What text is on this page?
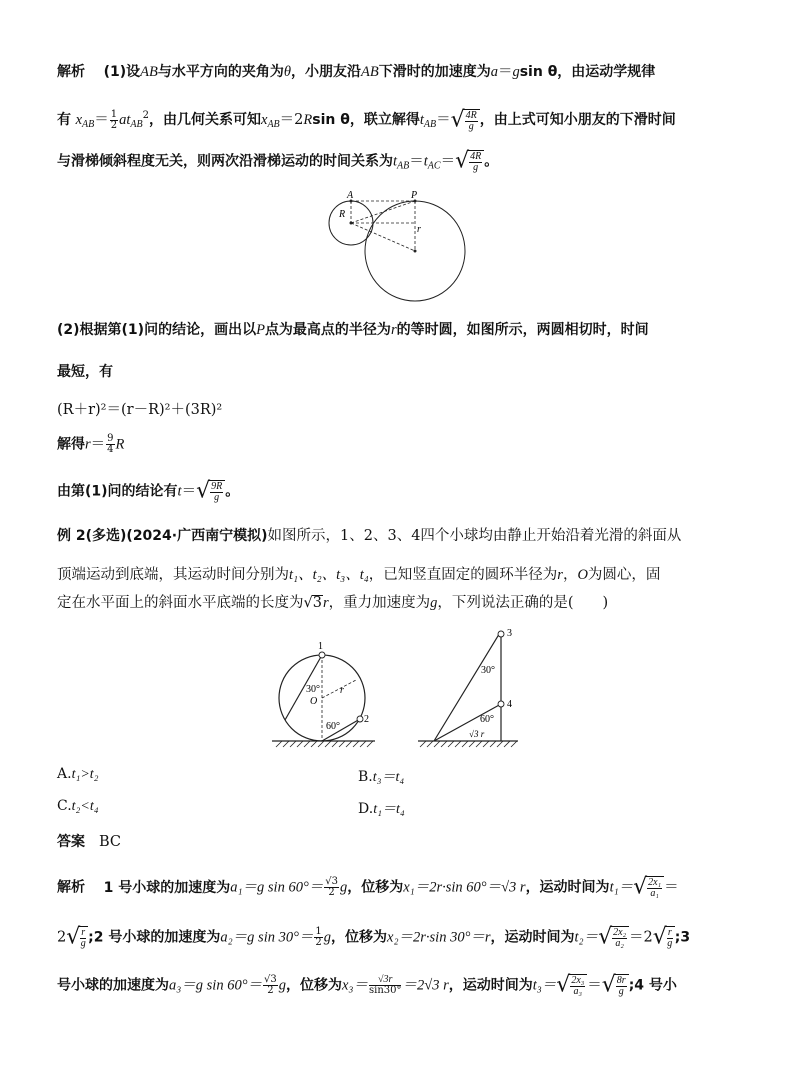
解析 (1)设AB与水平方向的夹角为θ，小朋友沿AB下滑时的加速度为a＝gsin θ，由运动学规律
有 $x_{AB}= \frac{1}{2} at_{AB}^2$，由几何关系可知$x_{AB}=2Rsin$ θ，联立解得$t_{AB}=√ \frac{4R}{g}$ ，由上式可知小朋友的下滑时间
与滑梯倾斜程度无关，则两次沿滑梯运动的时间关系为$t_{AB}=t_{AC}=√ \frac{4R}{g}$ 。
A	P
R
r
(2)根据第(1)问的结论，画出以P点为最高点的半径为r的等时圆，如图所示，两圆相切时，时间
最短，有
(R＋r)²＝(r－R)²＋(3R)²
解得$r= \frac{9}{4}$ R
由第(1)问的结论有$t=√ \frac{9R}{g}$ 。
例 2(多选)(2024·广西南宁模拟)如图所示，1、2、3、4四个小球均由静止开始沿着光滑的斜面从
顶端运动到底端，其运动时间分别为t₁、t₂、t₃、t₄，已知竖直固定的圆环半径为r，O为圆心，固
定在水平面上的斜面水平底端的长度为√3r，重力加速度为g，下列说法正确的是(　　)
1
2
30°
O
r
60°
3
4
30°
60°
√3 r
A.t₁>t₂	B.t₃＝t₄
C.t₂<t₄	D.t₁＝t₄
答案 BC
解析 1 号小球的加速度为a₁＝g $\sin 60^\circ= \frac{√3}{2}$ g，位移为x₁＝2r·sin 60°＝√3 r，运动时间为$t_1=√ \frac{\text{2x₁}}{\text{a₁}}$ ＝
$2√ \frac{r}{g}$ ;2 号小球的加速度为a₂＝g $\sin 30^\circ= \frac{1}{2}$ g，位移为x₂＝2r·sin 30°＝r，运动时间为$t_2=√ \frac{\text{2x₂}}{\text{a₂}} =2√ \frac{r}{g}$ ;3
号小球的加速度为a₃＝g $\sin 60^\circ= \frac{√3}{2}$ g，位移为$x_3= \frac{√3r}{\sin 30^\circ} =2√3$ r，运动时间为$t_3=√ \frac{\text{2x₃}}{\text{a₃}}$ ＝√ $\frac{8r}{g}$ ;4 号小
